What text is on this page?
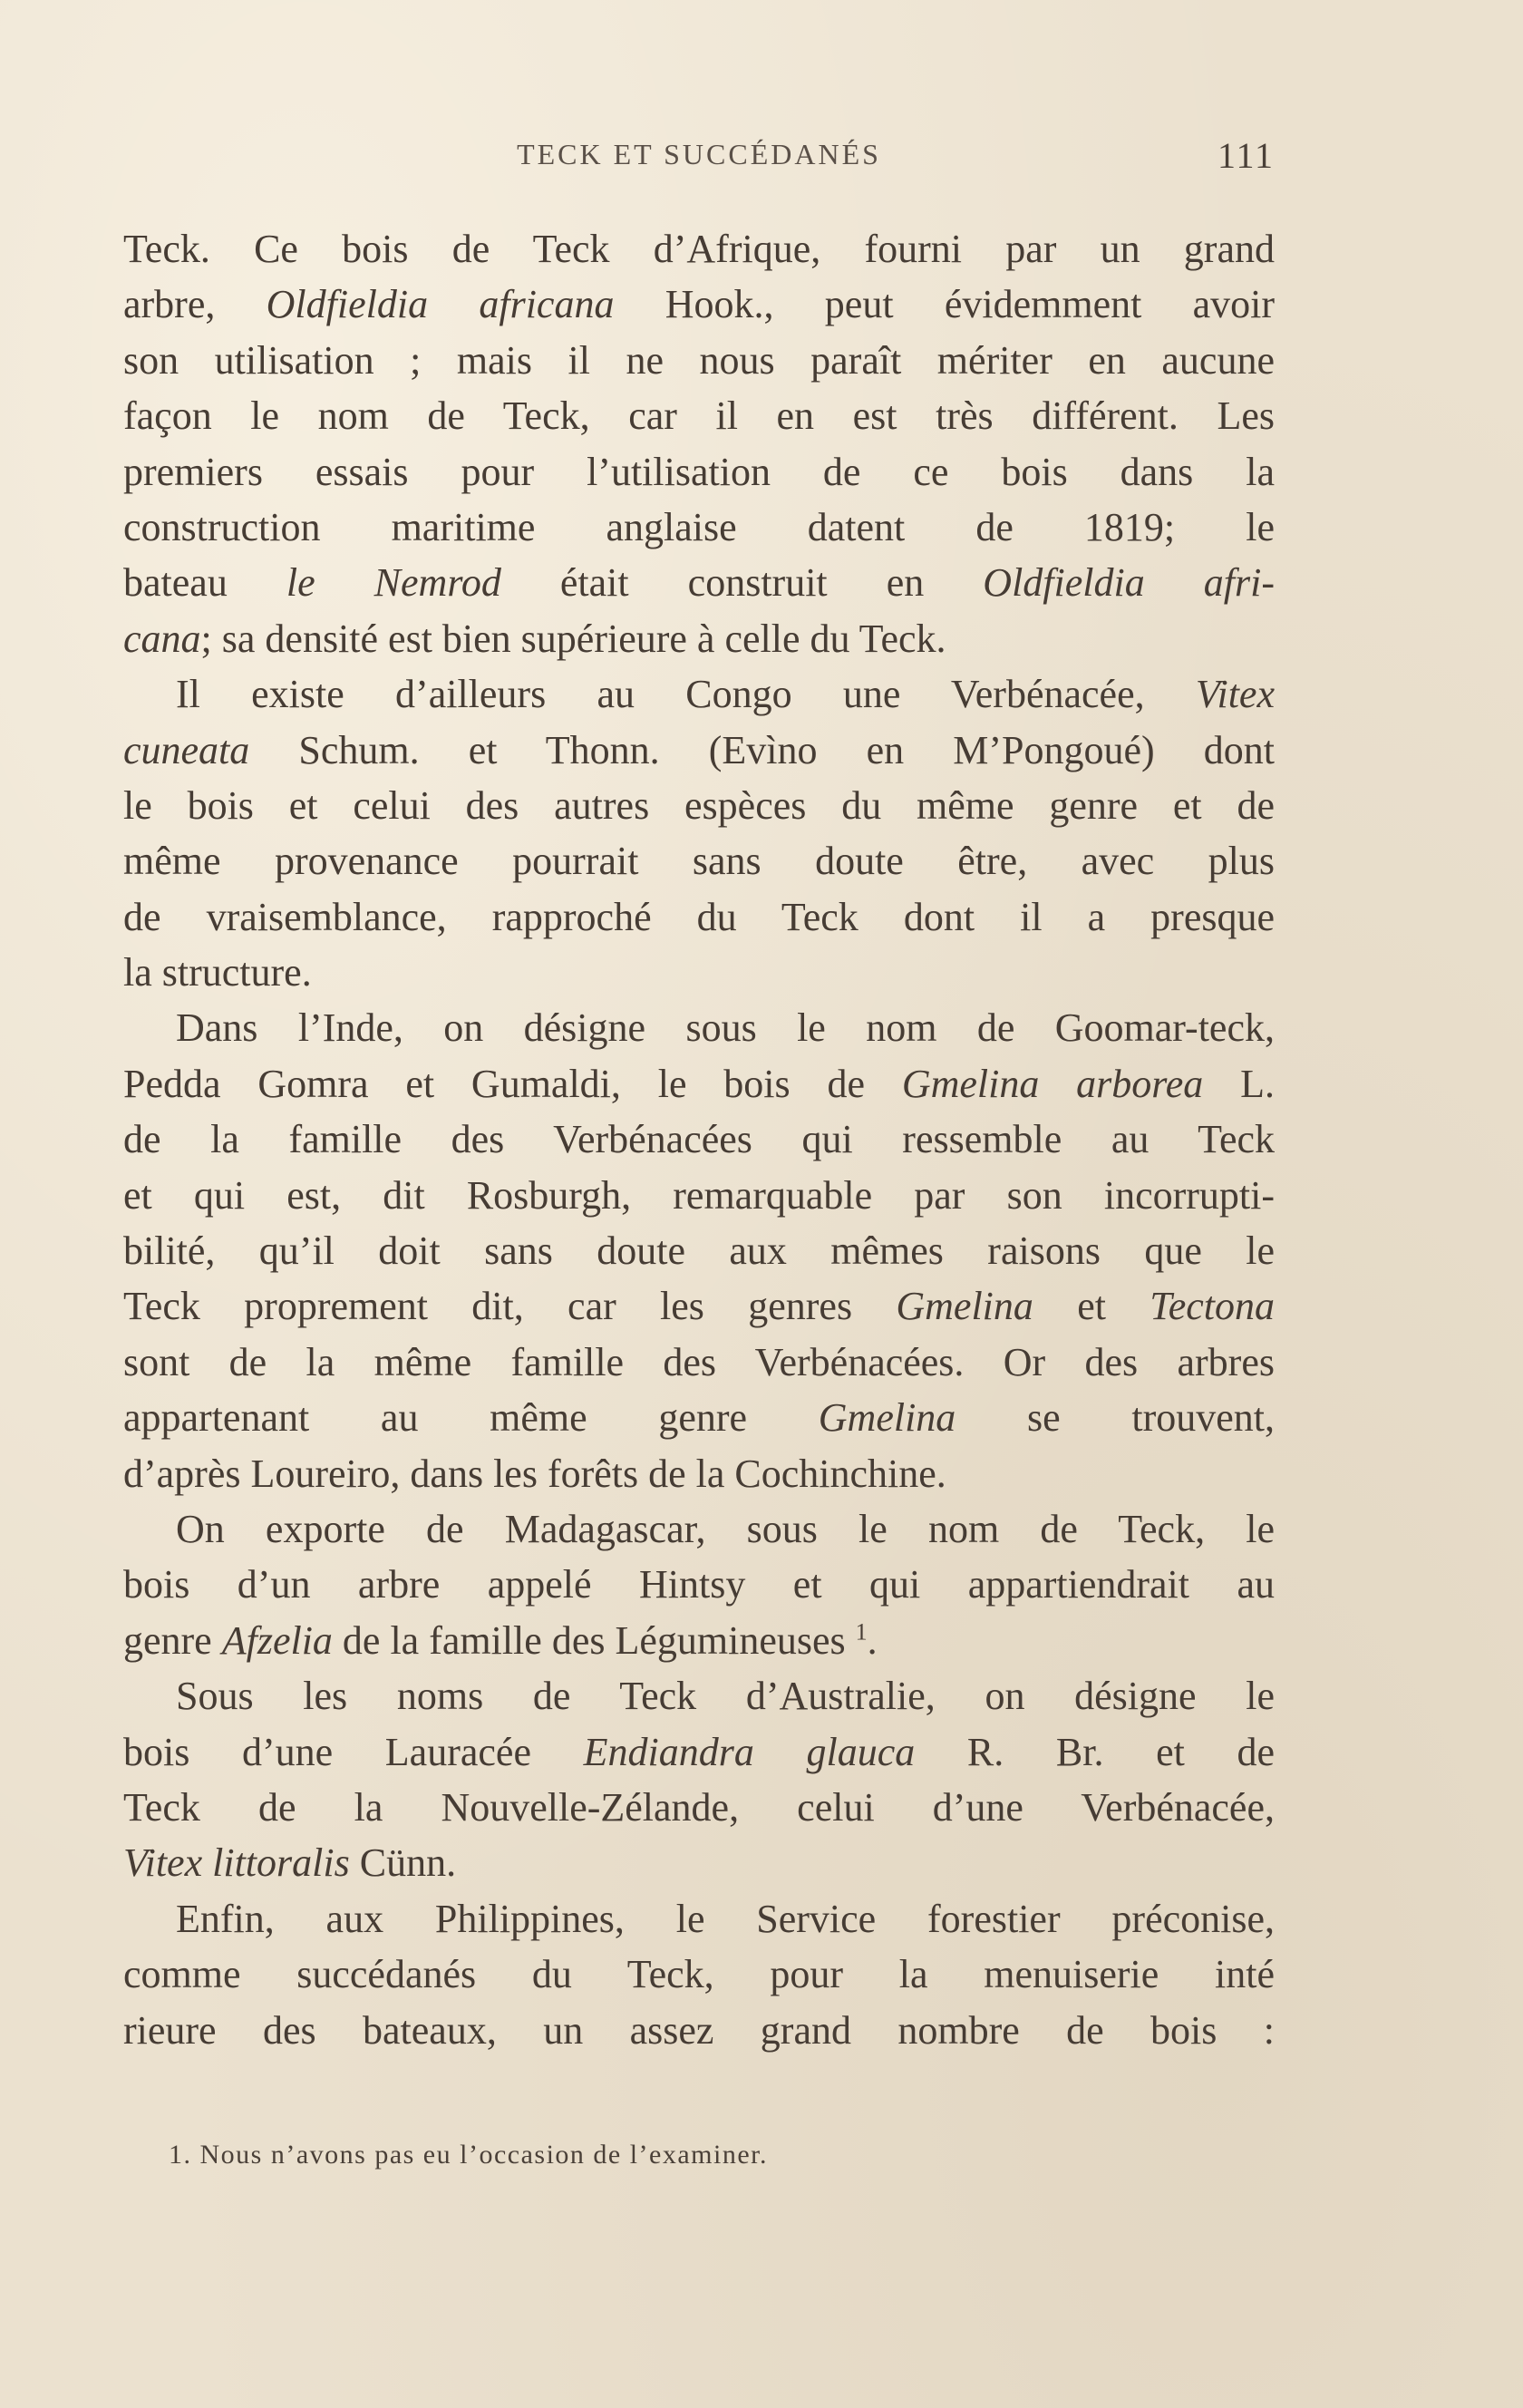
TECK ET SUCCÉDANÉS	111
Teck. Ce bois de Teck d’Afrique, fourni par un grand
arbre, Oldfieldia africana Hook., peut évidemment avoir
son utilisation ; mais il ne nous paraît mériter en aucune
façon le nom de Teck, car il en est très différent. Les
premiers essais pour l’utilisation de ce bois dans la
construction maritime anglaise datent de 1819; le
bateau le Nemrod était construit en Oldfieldia afri-
cana; sa densité est bien supérieure à celle du Teck.
Il existe d’ailleurs au Congo une Verbénacée, Vitex
cuneata Schum. et Thonn. (Evìno en M’Pongoué) dont
le bois et celui des autres espèces du même genre et de
même provenance pourrait sans doute être, avec plus
de vraisemblance, rapproché du Teck dont il a presque
la structure.
Dans l’Inde, on désigne sous le nom de Goomar-teck,
Pedda Gomra et Gumaldi, le bois de Gmelina arborea L.
de la famille des Verbénacées qui ressemble au Teck
et qui est, dit Rosburgh, remarquable par son incorrupti-
bilité, qu’il doit sans doute aux mêmes raisons que le
Teck proprement dit, car les genres Gmelina et Tectona
sont de la même famille des Verbénacées. Or des arbres
appartenant au même genre Gmelina se trouvent,
d’après Loureiro, dans les forêts de la Cochinchine.
On exporte de Madagascar, sous le nom de Teck, le
bois d’un arbre appelé Hintsy et qui appartiendrait au
genre Afzelia de la famille des Légumineuses $^1$.
Sous les noms de Teck d’Australie, on désigne le
bois d’une Lauracée Endiandra glauca R. Br. et de
Teck de la Nouvelle-Zélande, celui d’une Verbénacée,
Vitex littoralis Cünn.
Enfin, aux Philippines, le Service forestier préconise,
comme succédanés du Teck, pour la menuiserie inté
rieure des bateaux, un assez grand nombre de bois :
1. Nous n’avons pas eu l’occasion de l’examiner.
